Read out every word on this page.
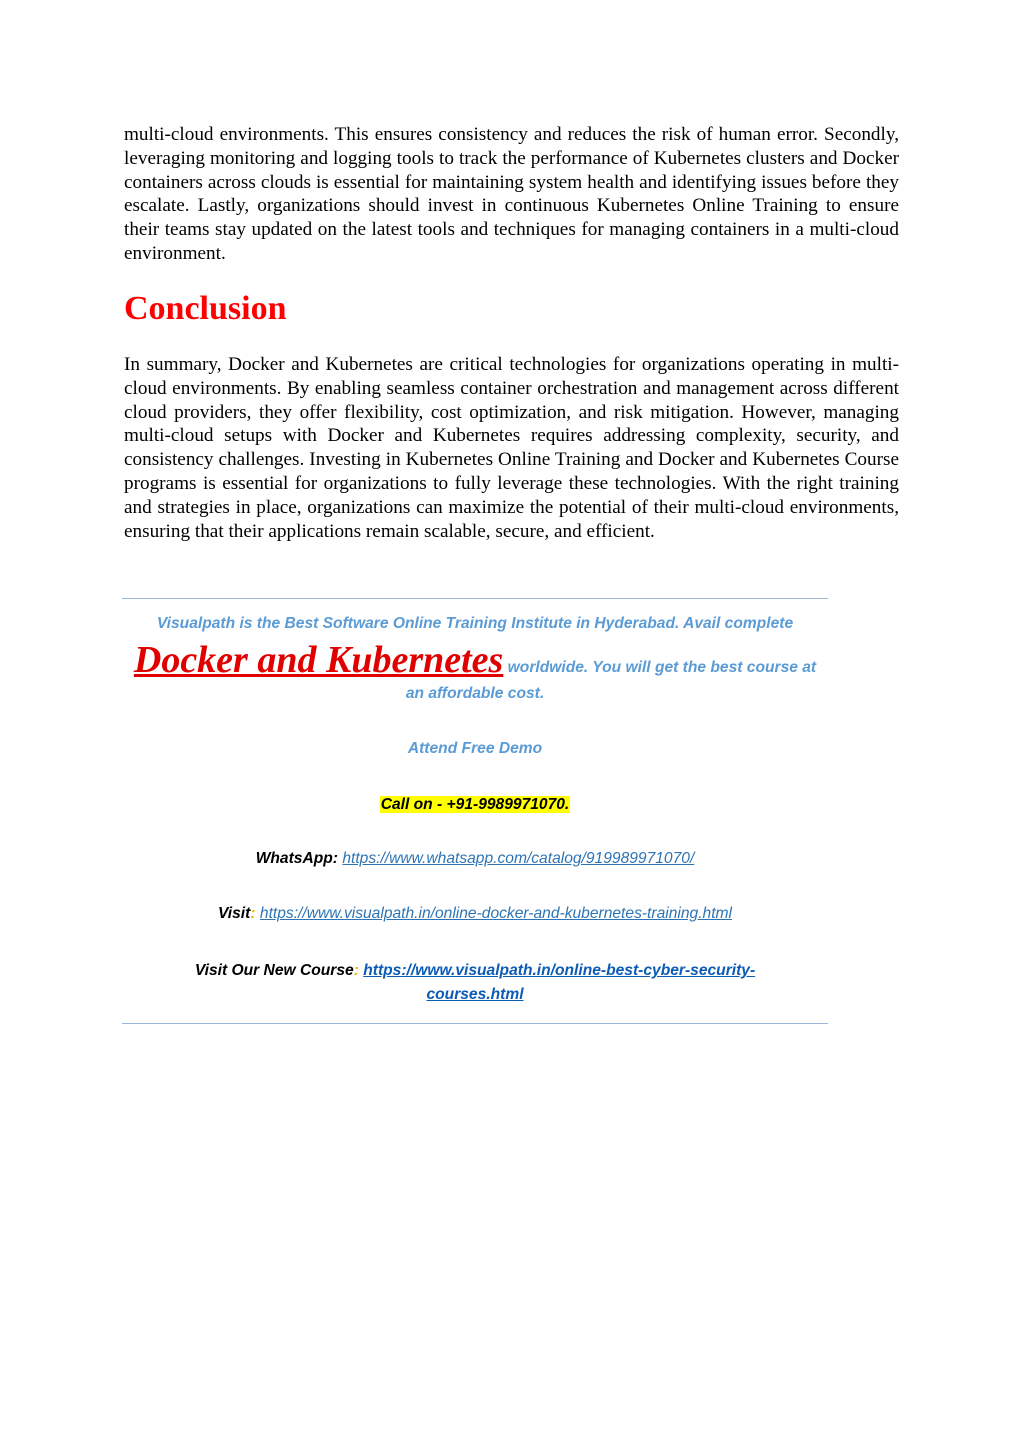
multi-cloud environments. This ensures consistency and reduces the risk of human error. Secondly, leveraging monitoring and logging tools to track the performance of Kubernetes clusters and Docker containers across clouds is essential for maintaining system health and identifying issues before they escalate. Lastly, organizations should invest in continuous Kubernetes Online Training to ensure their teams stay updated on the latest tools and techniques for managing containers in a multi-cloud environment.

Conclusion

In summary, Docker and Kubernetes are critical technologies for organizations operating in multi-cloud environments. By enabling seamless container orchestration and management across different cloud providers, they offer flexibility, cost optimization, and risk mitigation. However, managing multi-cloud setups with Docker and Kubernetes requires addressing complexity, security, and consistency challenges. Investing in Kubernetes Online Training and Docker and Kubernetes Course programs is essential for organizations to fully leverage these technologies. With the right training and strategies in place, organizations can maximize the potential of their multi-cloud environments, ensuring that their applications remain scalable, secure, and efficient.

Visualpath is the Best Software Online Training Institute in Hyderabad. Avail complete

Docker and Kubernetes worldwide. You will get the best course at

an affordable cost.

Attend Free Demo

Call on - +91-9989971070.

WhatsApp: https://www.whatsapp.com/catalog/919989971070/

Visit: https://www.visualpath.in/online-docker-and-kubernetes-training.html

Visit Our New Course: https://www.visualpath.in/online-best-cyber-security-
courses.html
